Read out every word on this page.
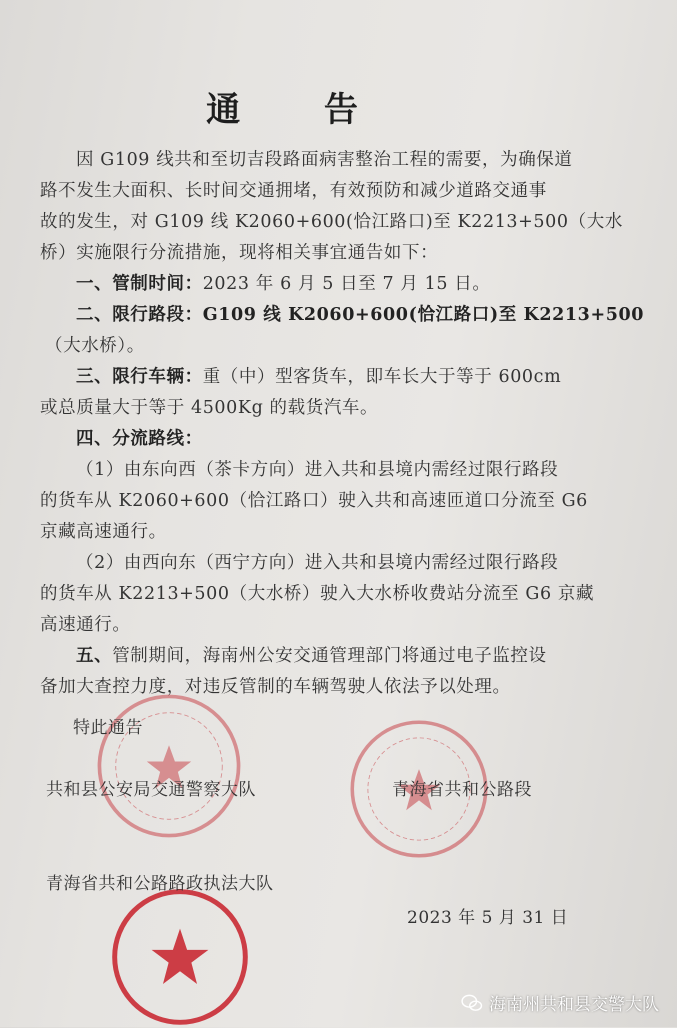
通 告
因 G109 线共和至切吉段路面病害整治工程的需要，为确保道
路不发生大面积、长时间交通拥堵，有效预防和减少道路交通事
故的发生，对 G109 线 K2060+600(恰江路口)至 K2213+500（大水
桥）实施限行分流措施，现将相关事宜通告如下：
一、管制时间：2023 年 6 月 5 日至 7 月 15 日。
二、限行路段：G109 线 K2060+600(恰江路口)至 K2213+500
（大水桥）。
三、限行车辆：重（中）型客货车，即车长大于等于 600cm
或总质量大于等于 4500Kg 的载货汽车。
四、分流路线：
（1）由东向西（茶卡方向）进入共和县境内需经过限行路段
的货车从 K2060+600（恰江路口）驶入共和高速匝道口分流至 G6
京藏高速通行。
（2）由西向东（西宁方向）进入共和县境内需经过限行路段
的货车从 K2213+500（大水桥）驶入大水桥收费站分流至 G6 京藏
高速通行。
五、管制期间，海南州公安交通管理部门将通过电子监控设
备加大查控力度，对违反管制的车辆驾驶人依法予以处理。
特此通告
共和县公安局交通警察大队	青海省共和公路段
青海省共和公路路政执法大队
2023 年 5 月 31 日
海南州共和县交警大队
